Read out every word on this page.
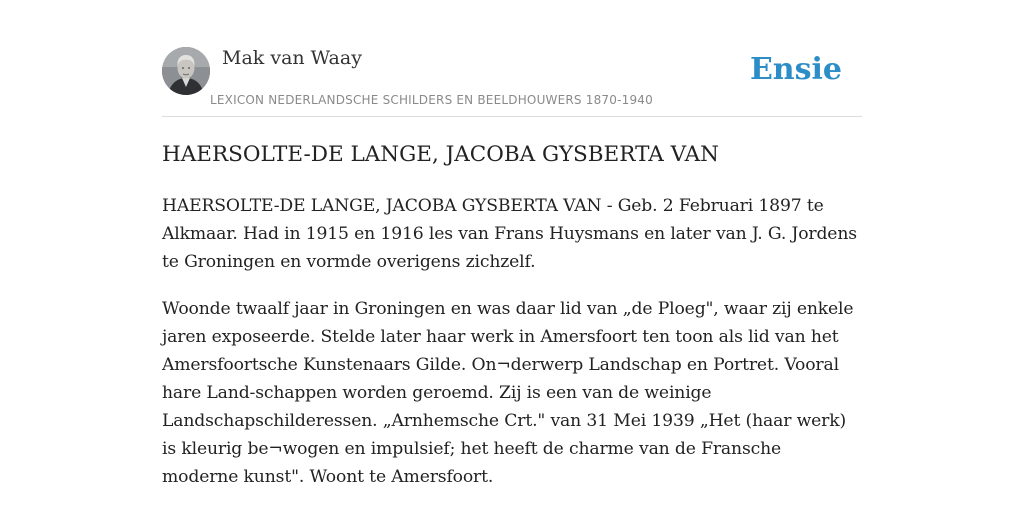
Mak van Waay
LEXICON NEDERLANDSCHE SCHILDERS EN BEELDHOUWERS 1870-1940
Ensie
HAERSOLTE-DE LANGE, JACOBA GYSBERTA VAN

HAERSOLTE-DE LANGE, JACOBA GYSBERTA VAN - Geb. 2 Februari 1897 te Alkmaar. Had in 1915 en 1916 les van Frans Huysmans en later van J. G. Jordens te Groningen en vormde overigens zichzelf.

Woonde twaalf jaar in Groningen en was daar lid van „de Ploeg", waar zij enkele jaren exposeerde. Stelde later haar werk in Amersfoort ten toon als lid van het Amersfoortsche Kunstenaars Gilde. On¬derwerp Landschap en Portret. Vooral hare Land-schappen worden geroemd. Zij is een van de weinige Landschapschilderessen. „Arnhemsche Crt." van 31 Mei 1939 „Het (haar werk) is kleurig be¬wogen en impulsief; het heeft de charme van de Fransche moderne kunst". Woont te Amersfoort.
